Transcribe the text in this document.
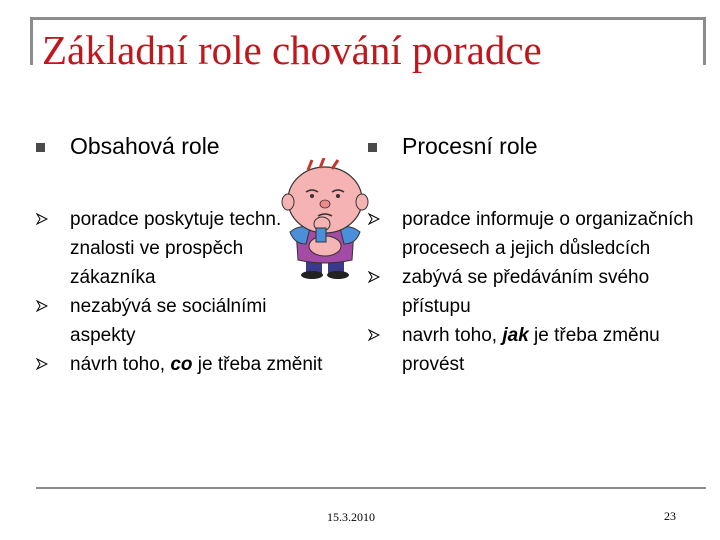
Základní role chování poradce
Obsahová role
poradce poskytuje techn. znalosti ve prospěch zákazníka
nezabývá se sociálními aspekty
návrh toho, co je třeba změnit
Procesní role
poradce informuje o organizačních procesech a jejich důsledcích
zabývá se předáváním svého přístupu
navrh toho, jak je třeba změnu provést
15.3.2010	23
